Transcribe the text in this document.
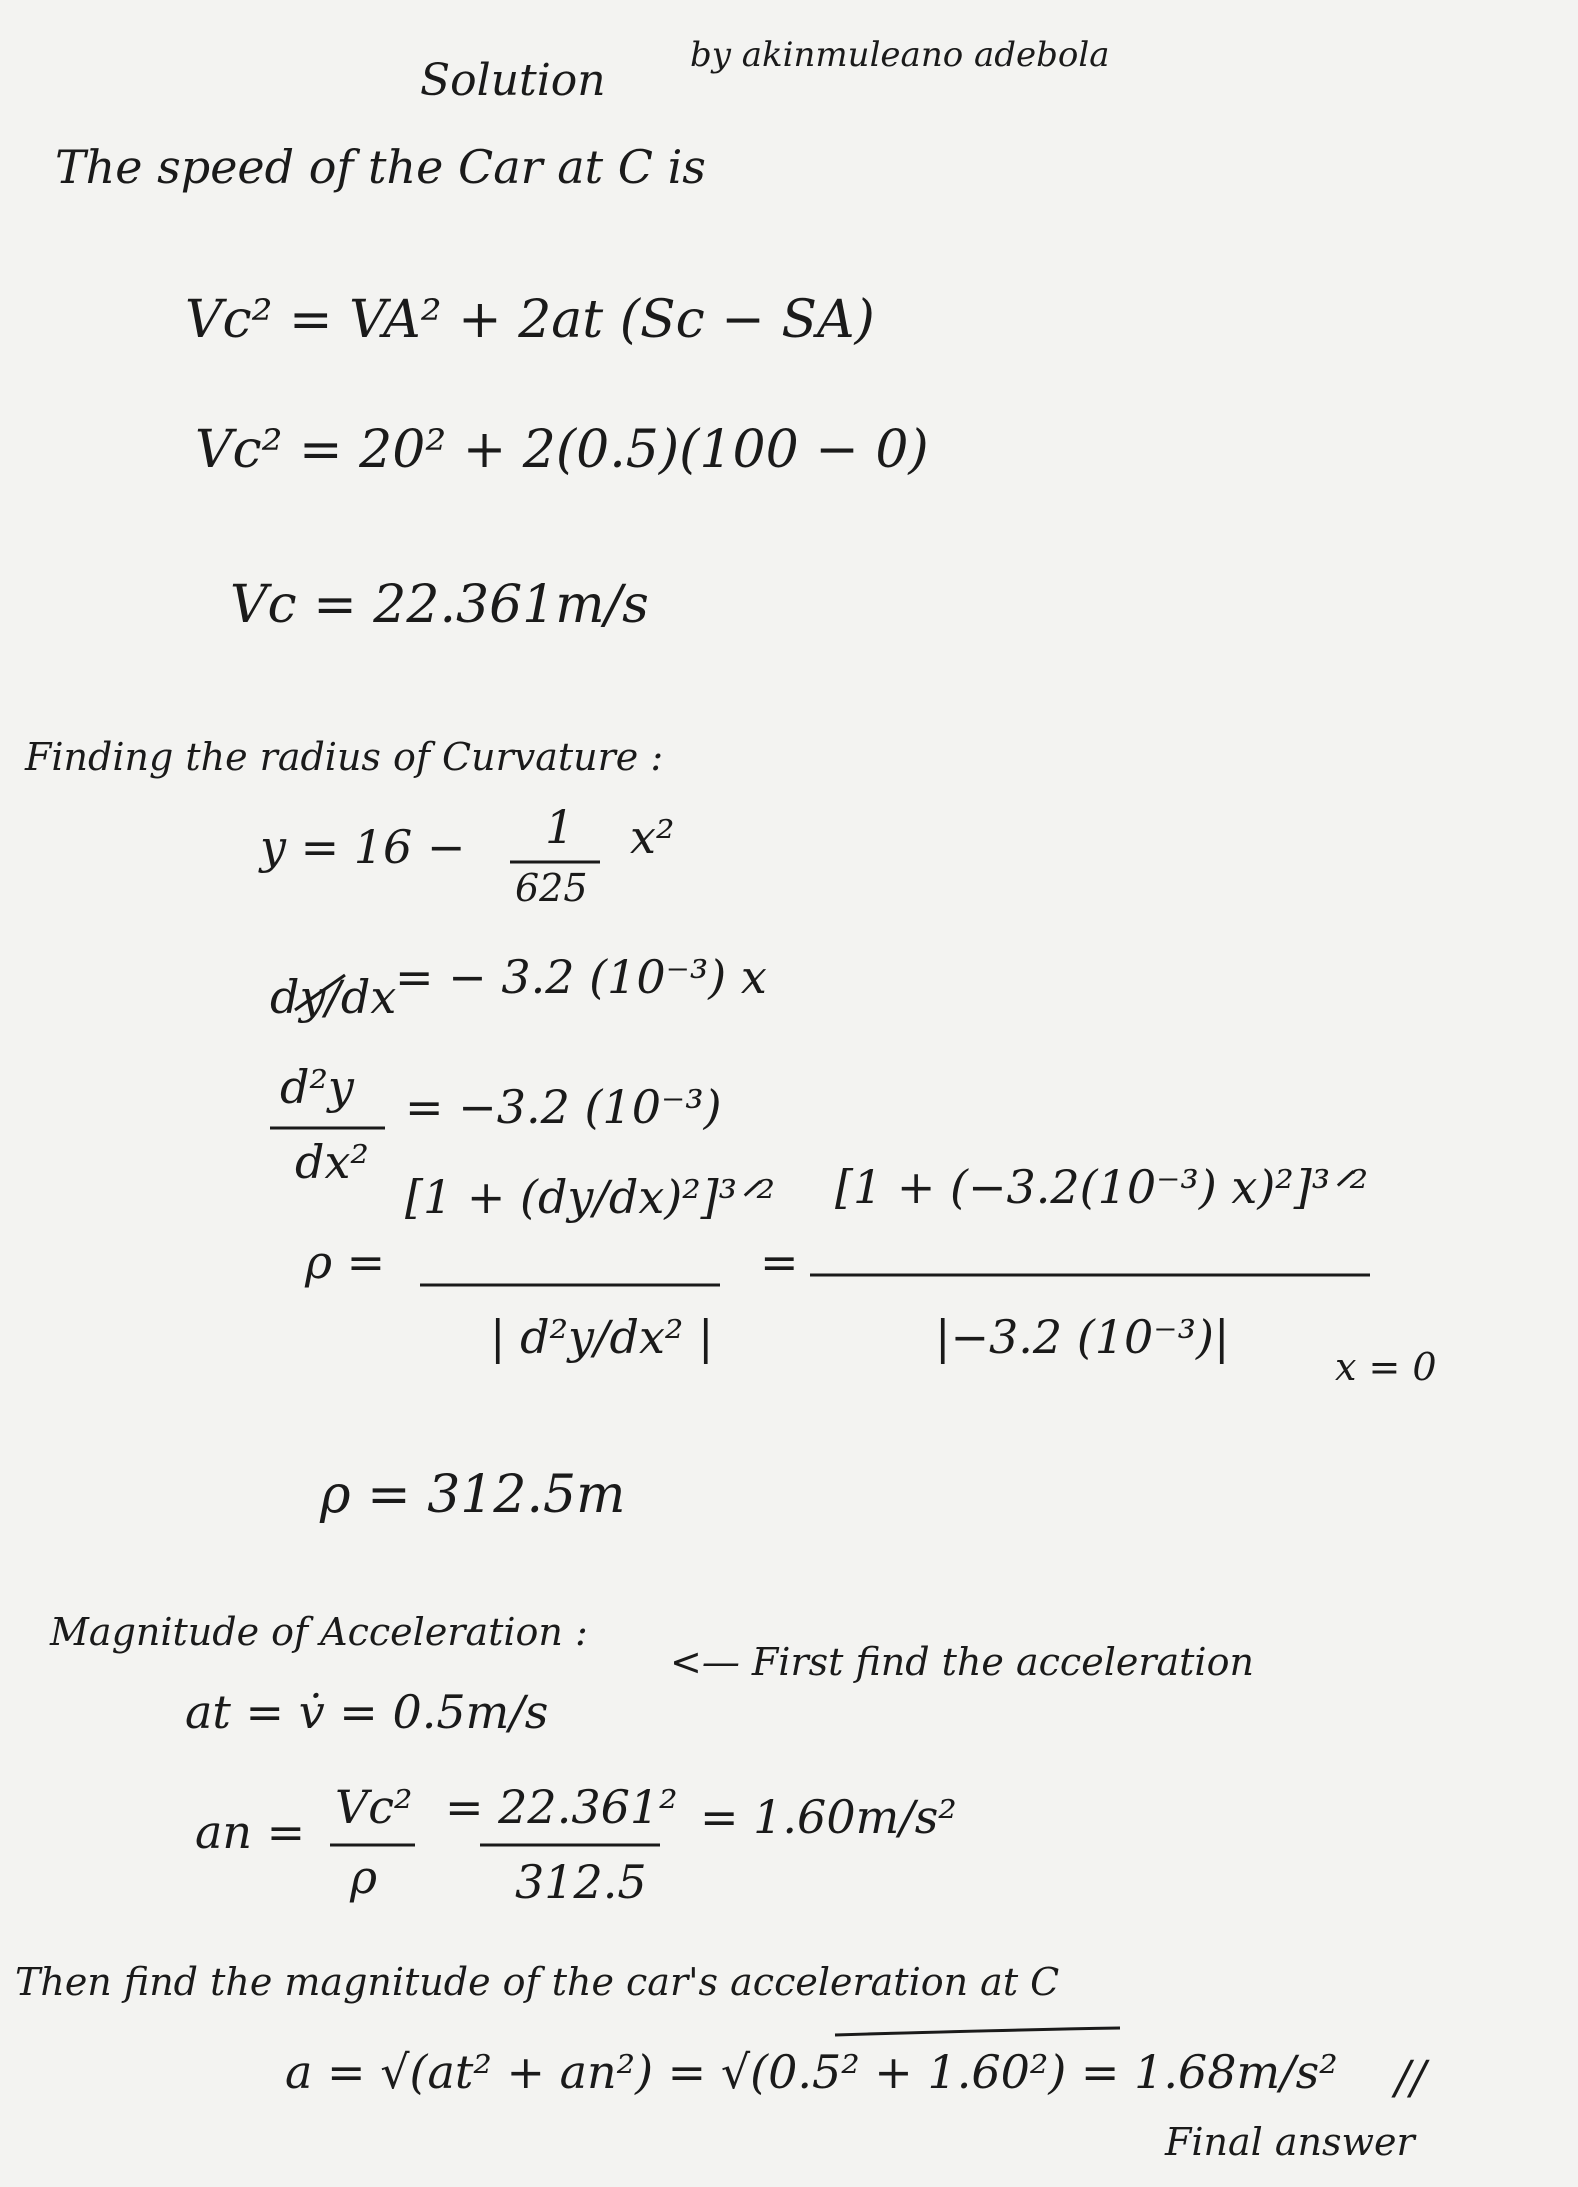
Solution by akinmuleano adebola
The speed of the Car at C is
Vc² = VA² + 2at (Sc − SA)
Vc² = 20² + 2(0.5)(100 − 0)
Vc = 22.361m/s
Finding the radius of Curvature :
y = 16 − 1
625
x²
dy/dx
= − 3.2 (10⁻³) x
d²y
dx²
= −3.2 (10⁻³)
ρ =
[1 + (dy/dx)²]³ᐟ²
| d²y/dx² |
=
[1 + (−3.2(10⁻³) x)²]³ᐟ²
|−3.2 (10⁻³)|
x = 0
ρ = 312.5m
Magnitude of Acceleration :
at = v̇ = 0.5m/s
<— First find the acceleration
an = Vc²
ρ
= 22.361²
312.5
= 1.60m/s²
Then find the magnitude of the car's acceleration at C
a = √(at² + an²) = √(0.5² + 1.60²) = 1.68m/s² //
Final answer
